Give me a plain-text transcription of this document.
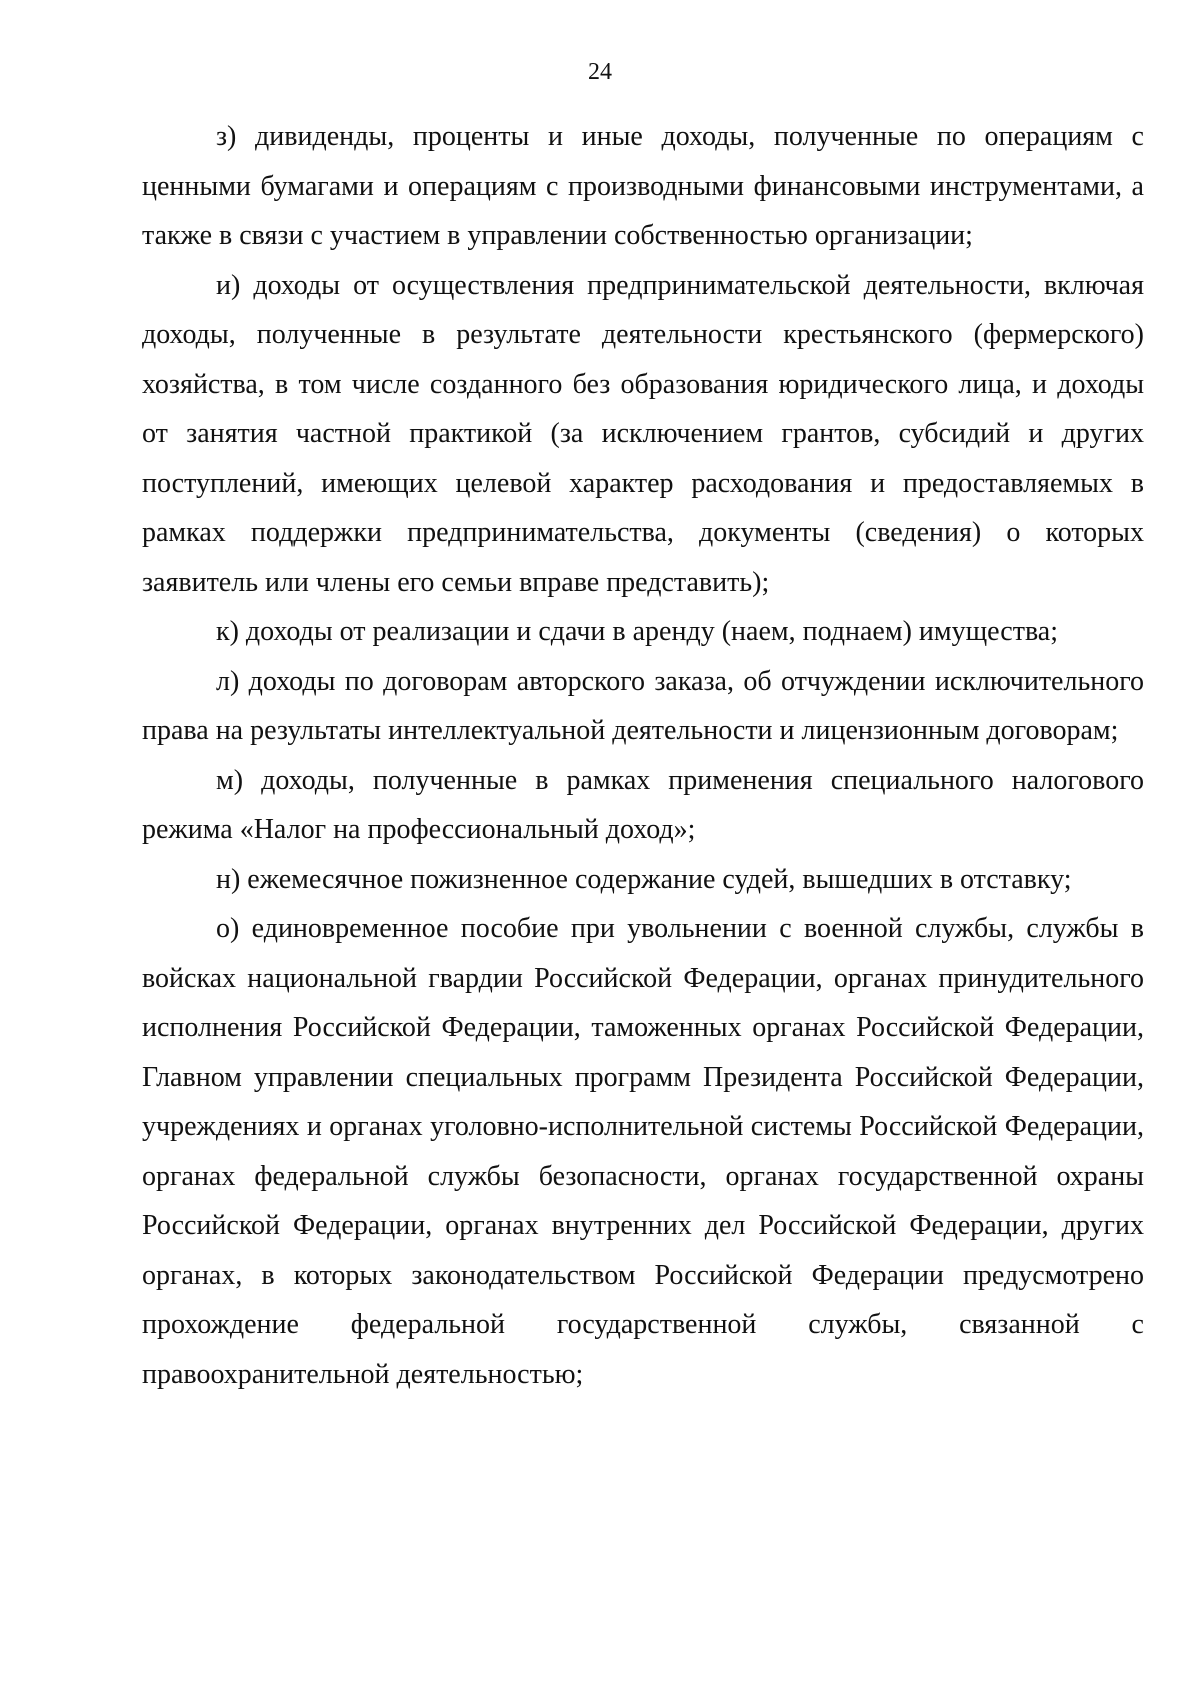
24

з) дивиденды, проценты и иные доходы, полученные по операциям с ценными бумагами и операциям с производными финансовыми инструментами, а также в связи с участием в управлении собственностью организации;

и) доходы от осуществления предпринимательской деятельности, включая доходы, полученные в результате деятельности крестьянского (фермерского) хозяйства, в том числе созданного без образования юридического лица, и доходы от занятия частной практикой (за исключением грантов, субсидий и других поступлений, имеющих целевой характер расходования и предоставляемых в рамках поддержки предпринимательства, документы (сведения) о которых заявитель или члены его семьи вправе представить);

к) доходы от реализации и сдачи в аренду (наем, поднаем) имущества;

л) доходы по договорам авторского заказа, об отчуждении исключительного права на результаты интеллектуальной деятельности и лицензионным договорам;

м) доходы, полученные в рамках применения специального налогового режима «Налог на профессиональный доход»;

н) ежемесячное пожизненное содержание судей, вышедших в отставку;

о) единовременное пособие при увольнении с военной службы, службы в войсках национальной гвардии Российской Федерации, органах принудительного исполнения Российской Федерации, таможенных органах Российской Федерации, Главном управлении специальных программ Президента Российской Федерации, учреждениях и органах уголовно-исполнительной системы Российской Федерации, органах федеральной службы безопасности, органах государственной охраны Российской Федерации, органах внутренних дел Российской Федерации, других органах, в которых законодательством Российской Федерации предусмотрено прохождение федеральной государственной службы, связанной с правоохранительной деятельностью;
